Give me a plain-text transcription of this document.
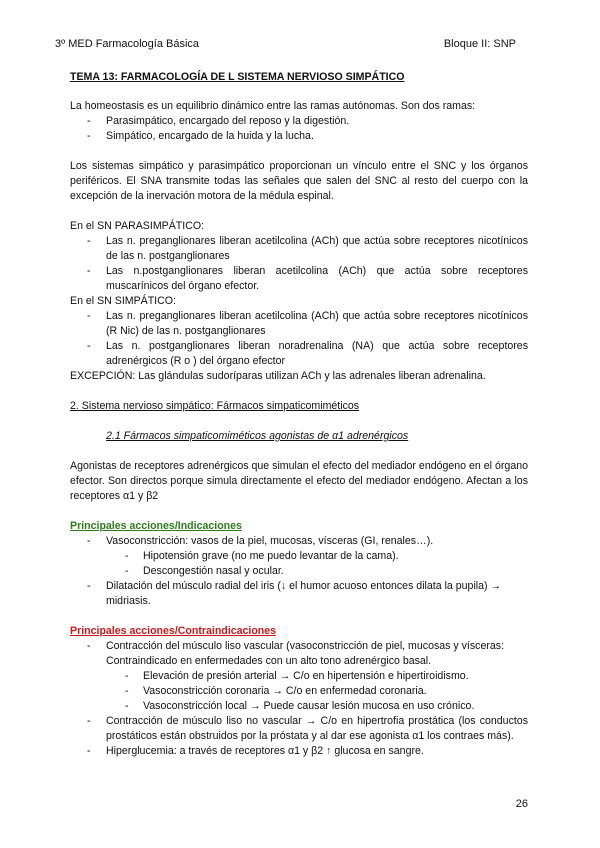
3º MED Farmacología Básica	Bloque II: SNP

TEMA 13: FARMACOLOGÍA DE L SISTEMA NERVIOSO SIMPÁTICO

La homeostasis es un equilibrio dinámico entre las ramas autónomas. Son dos ramas:

- Parasimpático, encargado del reposo y la digestión.
- Simpático, encargado de la huida y la lucha.

Los sistemas simpático y parasimpático proporcionan un vínculo entre el SNC y los órganos periféricos. El SNA transmite todas las señales que salen del SNC al resto del cuerpo con la excepción de la inervación motora de la médula espinal.

En el SN PARASIMPÁTICO:

- Las n. preganglionares liberan acetilcolina (ACh) que actúa sobre receptores nicotínicos de las n. postganglionares
- Las n.postganglionares liberan acetilcolina (ACh) que actúa sobre receptores muscarínicos del órgano efector.

En el SN SIMPÁTICO:

- Las n. preganglionares liberan acetilcolina (ACh) que actúa sobre receptores nicotínicos (R Nic) de las n. postganglionares
- Las n. postganglionares liberan noradrenalina (NA) que actúa sobre receptores adrenérgicos (R o ) del órgano efector

EXCEPCIÓN: Las glándulas sudoríparas utilizan ACh y las adrenales liberan adrenalina.

2. Sistema nervioso simpático: Fármacos simpaticomiméticos

2.1 Fármacos simpaticomiméticos agonistas de α1 adrenérgicos

Agonistas de receptores adrenérgicos que simulan el efecto del mediador endógeno en el órgano efector. Son directos porque simula directamente el efecto del mediador endógeno. Afectan a los receptores α1 y β2

Principales acciones/Indicaciones

- Vasoconstricción: vasos de la piel, mucosas, vísceras (GI, renales…).
- Hipotensión grave (no me puedo levantar de la cama).
- Descongestión nasal y ocular.
- Dilatación del músculo radial del iris (↓ el humor acuoso entonces dilata la pupila) → midriasis.

Principales acciones/Contraindicaciones

- Contracción del músculo liso vascular (vasoconstricción de piel, mucosas y vísceras: Contraindicado en enfermedades con un alto tono adrenérgico basal.
- Elevación de presión arterial → C/o en hipertensión e hipertiroidismo.
- Vasoconstricción coronaria → C/o en enfermedad coronaria.
- Vasoconstricción local → Puede causar lesión mucosa en uso crónico.
- Contracción de músculo liso no vascular → C/o en hipertrofia prostática (los conductos prostáticos están obstruidos por la próstata y al dar ese agonista α1 los contraes más).
- Hiperglucemia: a través de receptores α1 y β2 ↑ glucosa en sangre.
26
